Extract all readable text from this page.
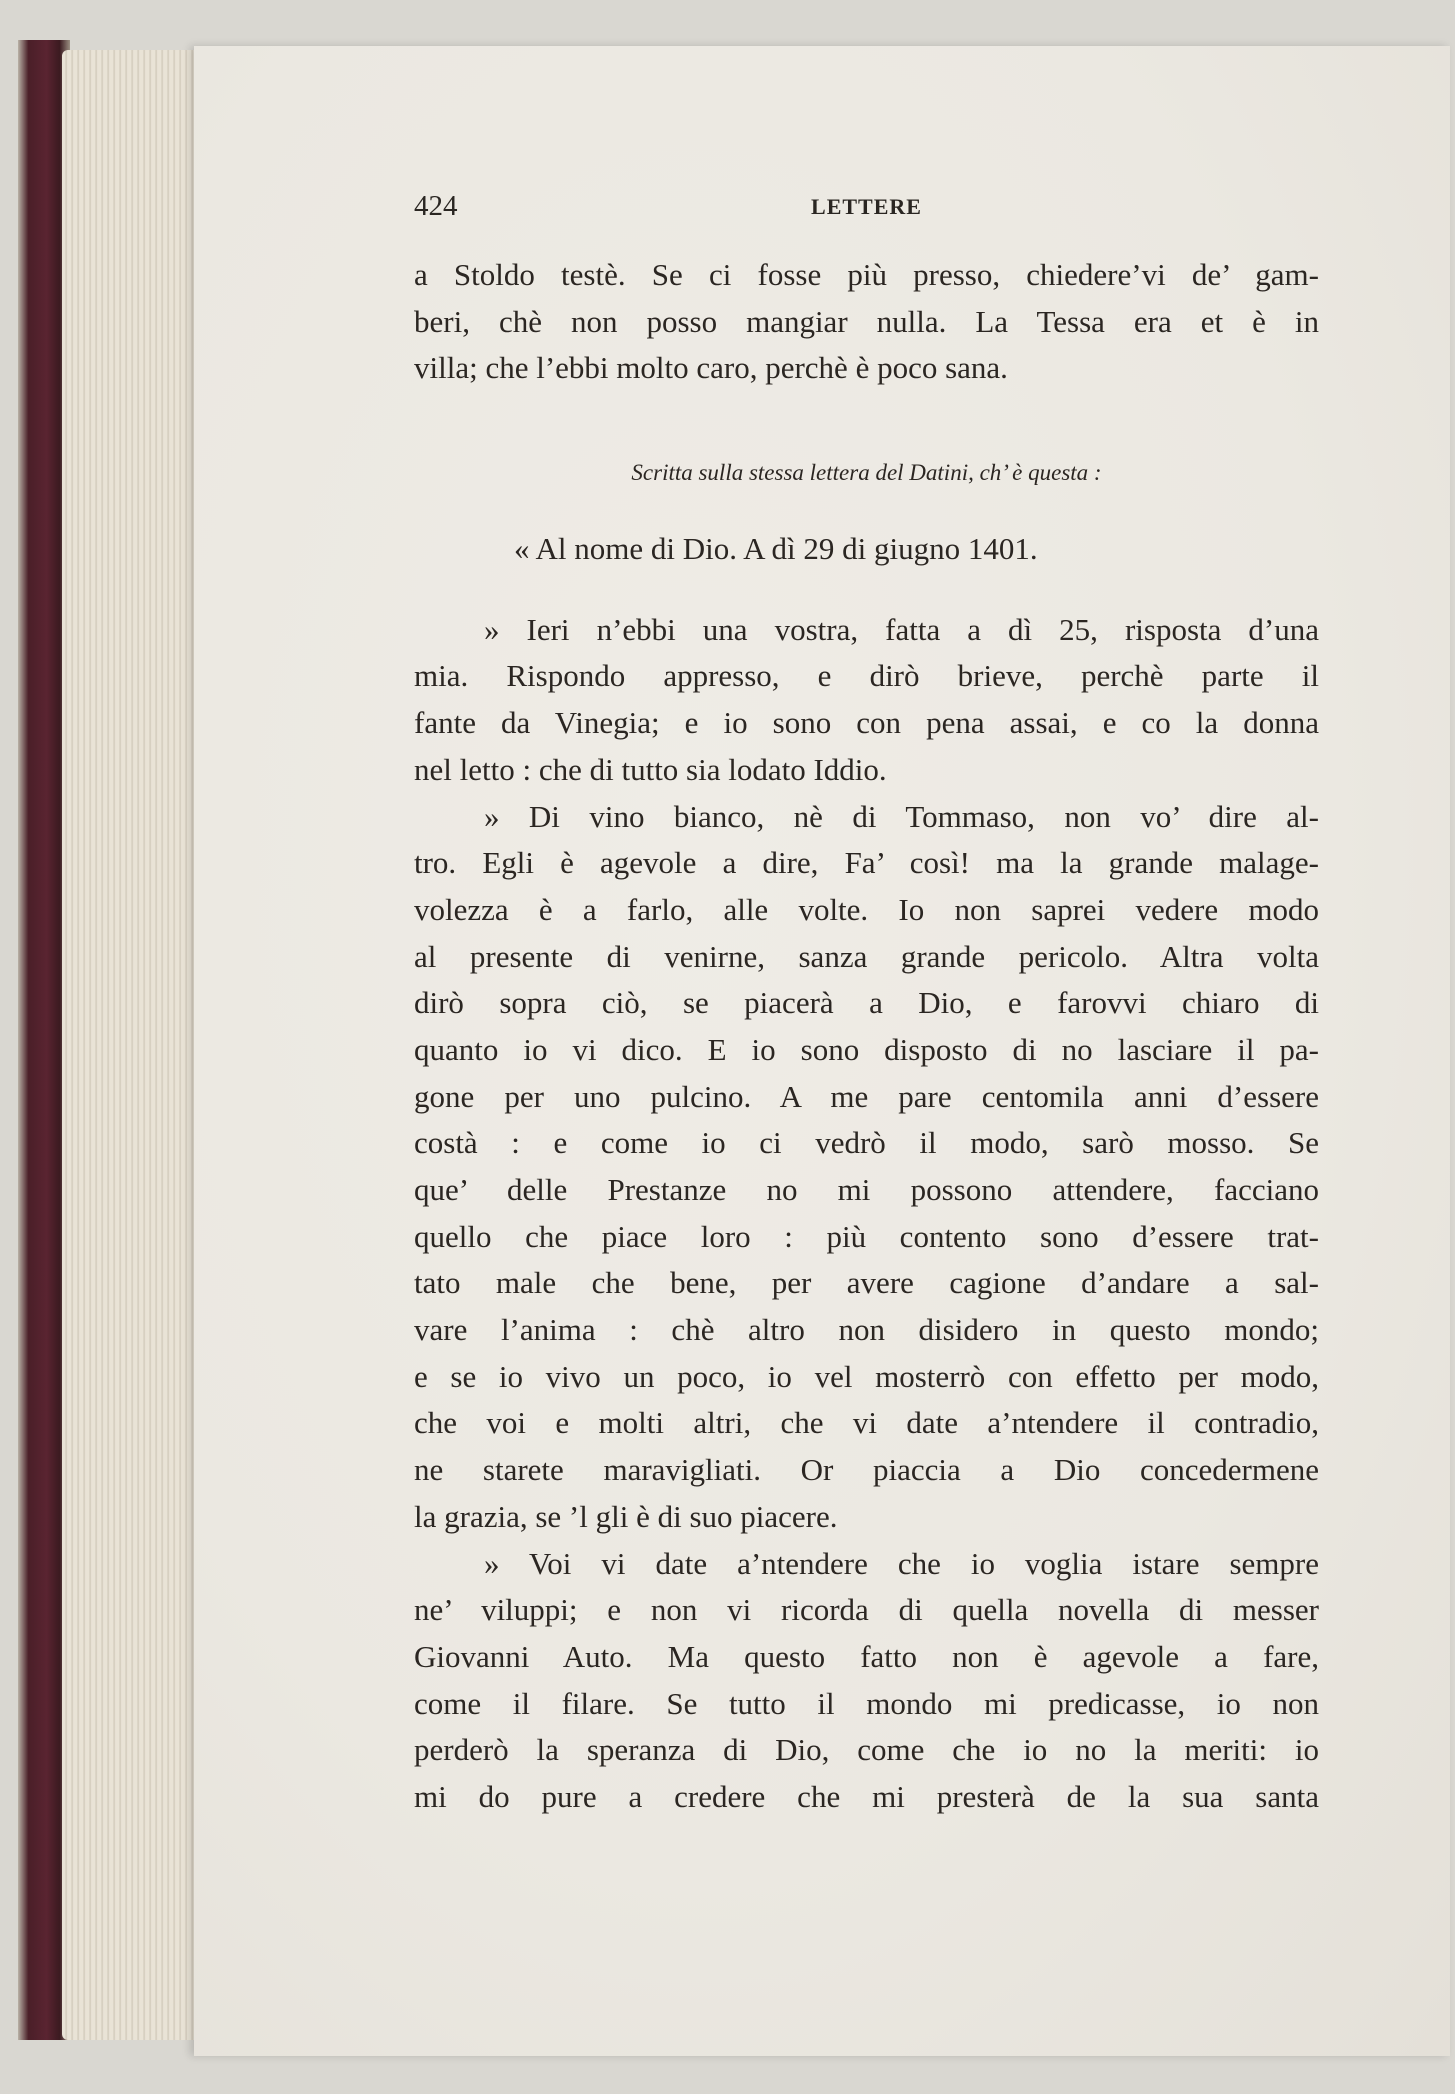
424	LETTERE
a Stoldo testè. Se ci fosse più presso, chiedere’vi de’ gam-
beri, chè non posso mangiar nulla. La Tessa era et è in
villa; che l’ebbi molto caro, perchè è poco sana.
Scritta sulla stessa lettera del Datini, ch’ è questa :
« Al nome di Dio. A dì 29 di giugno 1401.
» Ieri n’ebbi una vostra, fatta a dì 25, risposta d’una
mia. Rispondo appresso, e dirò brieve, perchè parte il
fante da Vinegia; e io sono con pena assai, e co la donna
nel letto : che di tutto sia lodato Iddio.
» Di vino bianco, nè di Tommaso, non vo’ dire al-
tro. Egli è agevole a dire, Fa’ così! ma la grande malage-
volezza è a farlo, alle volte. Io non saprei vedere modo
al presente di venirne, sanza grande pericolo. Altra volta
dirò sopra ciò, se piacerà a Dio, e farovvi chiaro di
quanto io vi dico. E io sono disposto di no lasciare il pa-
gone per uno pulcino. A me pare centomila anni d’essere
costà : e come io ci vedrò il modo, sarò mosso. Se
que’ delle Prestanze no mi possono attendere, facciano
quello che piace loro : più contento sono d’essere trat-
tato male che bene, per avere cagione d’andare a sal-
vare l’anima : chè altro non disidero in questo mondo;
e se io vivo un poco, io vel mosterrò con effetto per modo,
che voi e molti altri, che vi date a’ntendere il contradio,
ne starete maravigliati. Or piaccia a Dio concedermene
la grazia, se ’l gli è di suo piacere.
» Voi vi date a’ntendere che io voglia istare sempre
ne’ viluppi; e non vi ricorda di quella novella di messer
Giovanni Auto. Ma questo fatto non è agevole a fare,
come il filare. Se tutto il mondo mi predicasse, io non
perderò la speranza di Dio, come che io no la meriti: io
mi do pure a credere che mi presterà de la sua santa
